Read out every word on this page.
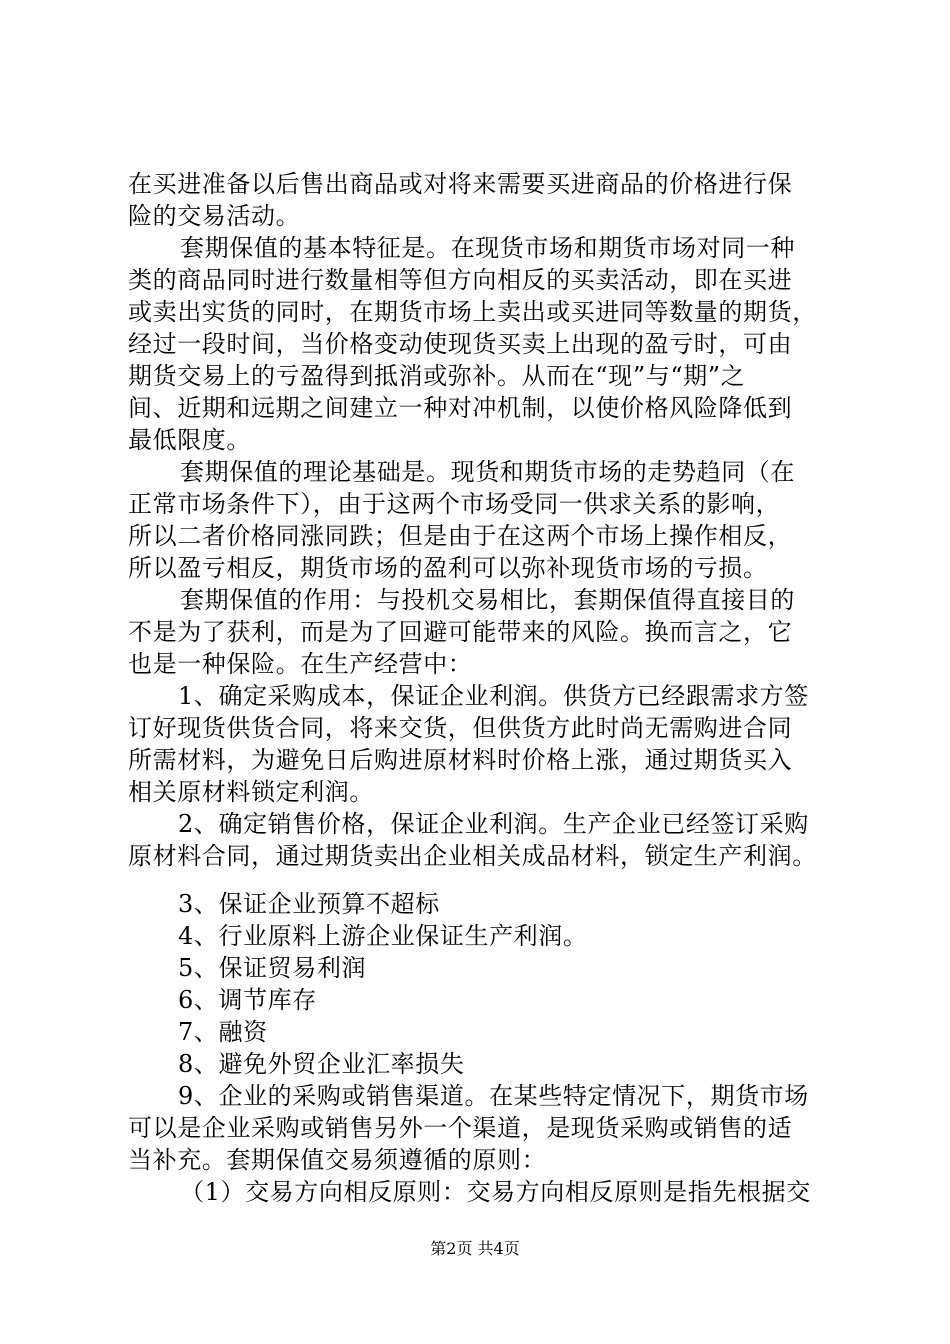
在买进准备以后售出商品或对将来需要买进商品的价格进行保
险的交易活动。
套期保值的基本特征是。在现货市场和期货市场对同一种
类的商品同时进行数量相等但方向相反的买卖活动，即在买进
或卖出实货的同时，在期货市场上卖出或买进同等数量的期货，
经过一段时间，当价格变动使现货买卖上出现的盈亏时，可由
期货交易上的亏盈得到抵消或弥补。从而在“现”与“期”之
间、近期和远期之间建立一种对冲机制，以使价格风险降低到
最低限度。
套期保值的理论基础是。现货和期货市场的走势趋同（在
正常市场条件下），由于这两个市场受同一供求关系的影响，
所以二者价格同涨同跌；但是由于在这两个市场上操作相反，
所以盈亏相反，期货市场的盈利可以弥补现货市场的亏损。
套期保值的作用：与投机交易相比，套期保值得直接目的
不是为了获利，而是为了回避可能带来的风险。换而言之，它
也是一种保险。在生产经营中：
1、确定采购成本，保证企业利润。供货方已经跟需求方签
订好现货供货合同，将来交货，但供货方此时尚无需购进合同
所需材料，为避免日后购进原材料时价格上涨，通过期货买入
相关原材料锁定利润。
2、确定销售价格，保证企业利润。生产企业已经签订采购
原材料合同，通过期货卖出企业相关成品材料，锁定生产利润。
3、保证企业预算不超标
4、行业原料上游企业保证生产利润。
5、保证贸易利润
6、调节库存
7、融资
8、避免外贸企业汇率损失
9、企业的采购或销售渠道。在某些特定情况下，期货市场
可以是企业采购或销售另外一个渠道，是现货采购或销售的适
当补充。套期保值交易须遵循的原则：
（1）交易方向相反原则：交易方向相反原则是指先根据交
第2页 共4页
